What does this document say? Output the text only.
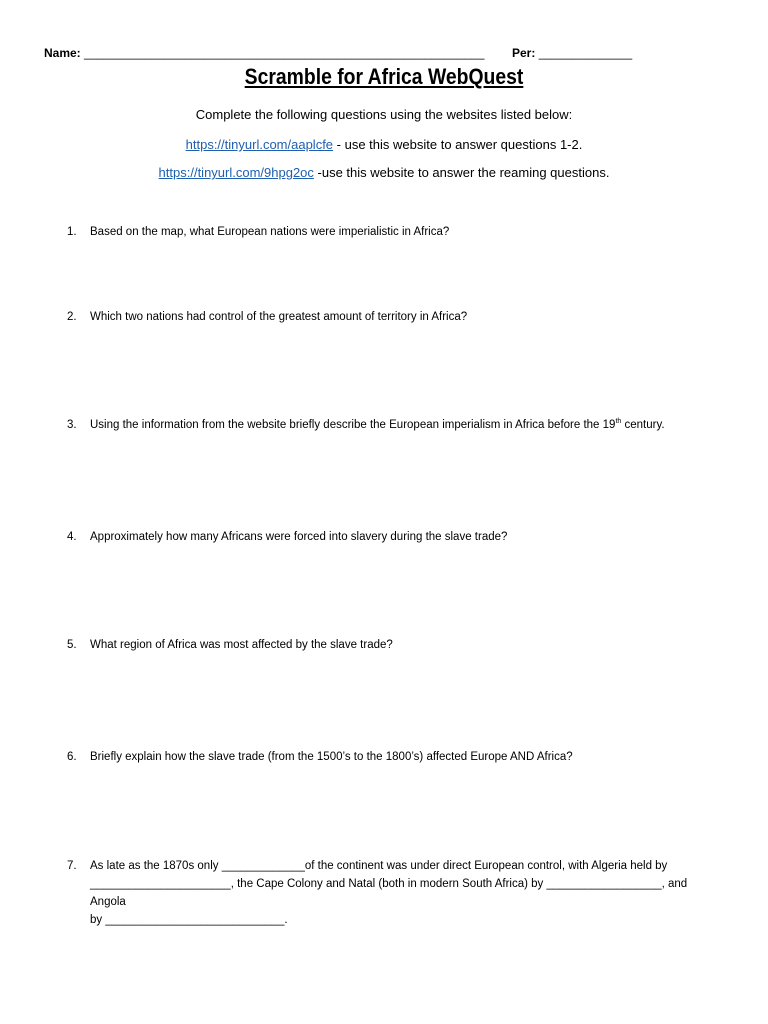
Name: ____________________________________________________________ Per: ______________
Scramble for Africa WebQuest
Complete the following questions using the websites listed below:
https://tinyurl.com/aaplcfe - use this website to answer questions 1-2.
https://tinyurl.com/9hpg2oc -use this website to answer the reaming questions.
1.	Based on the map, what European nations were imperialistic in Africa?
2.	Which two nations had control of the greatest amount of territory in Africa?
3.	Using the information from the website briefly describe the European imperialism in Africa before the 19th century.
4.	Approximately how many Africans were forced into slavery during the slave trade?
5.	What region of Africa was most affected by the slave trade?
6.	Briefly explain how the slave trade (from the 1500’s to the 1800’s) affected Europe AND Africa?
7.	As late as the 1870s only _____________of the continent was under direct European control, with Algeria held by
______________________, the Cape Colony and Natal (both in modern South Africa) by __________________, and Angola
by ____________________________.
